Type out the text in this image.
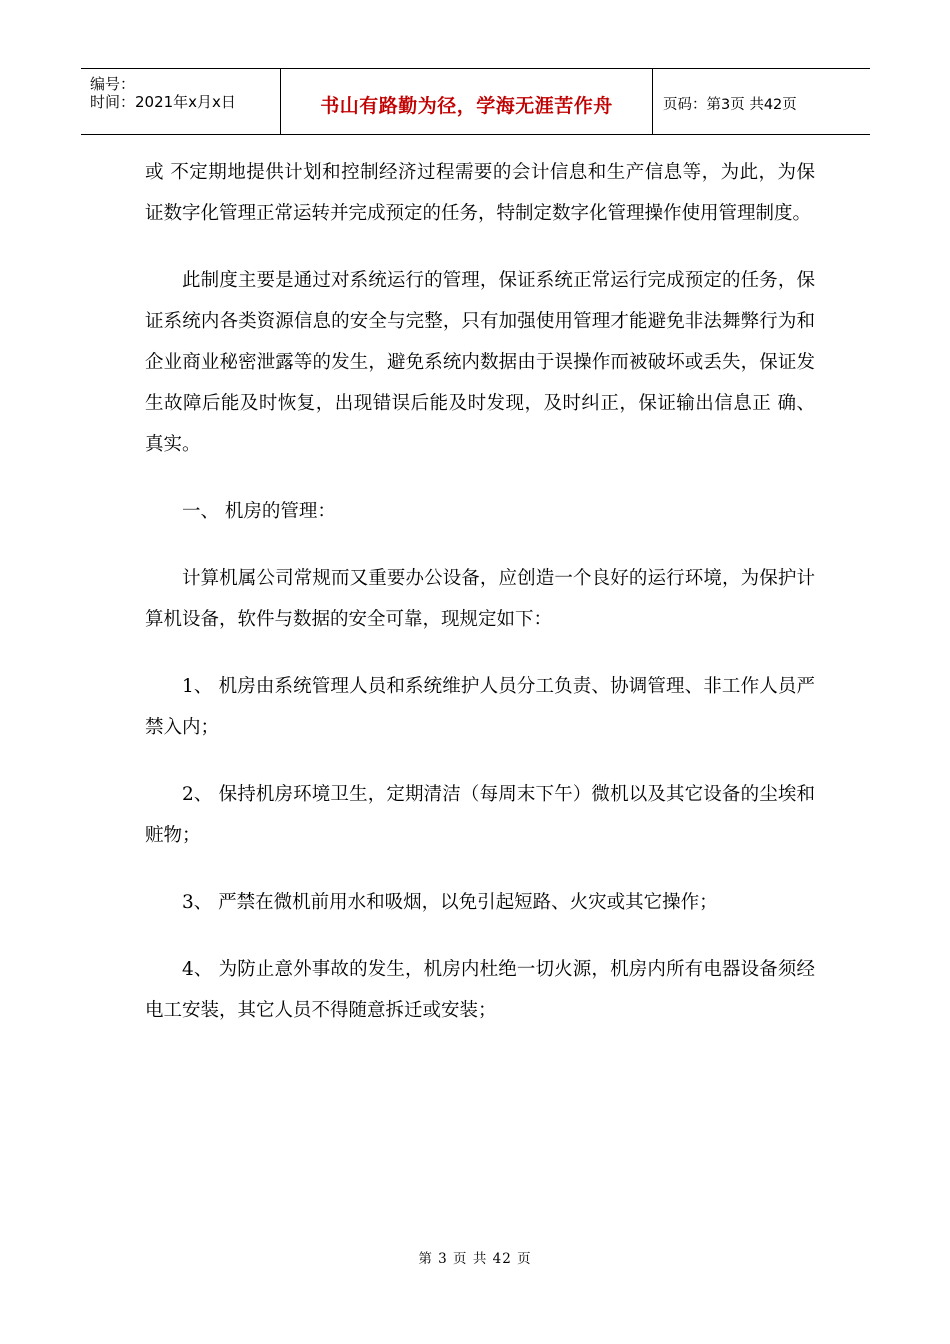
编号：
时间：2021年x月x日	书山有路勤为径，学海无涯苦作舟	页码：第3页 共42页

或 不定期地提供计划和控制经济过程需要的会计信息和生产信息等，为此，为保证数字化管理正常运转并完成预定的任务，特制定数字化管理操作使用管理制度。

此制度主要是通过对系统运行的管理，保证系统正常运行完成预定的任务，保证系统内各类资源信息的安全与完整，只有加强使用管理才能避免非法舞弊行为和企业商业秘密泄露等的发生，避免系统内数据由于误操作而被破坏或丢失，保证发生故障后能及时恢复，出现错误后能及时发现，及时纠正，保证输出信息正 确、真实。

一、 机房的管理：

计算机属公司常规而又重要办公设备，应创造一个良好的运行环境，为保护计算机设备，软件与数据的安全可靠，现规定如下：

1、 机房由系统管理人员和系统维护人员分工负责、协调管理、非工作人员严禁入内；

2、 保持机房环境卫生，定期清洁（每周末下午）微机以及其它设备的尘埃和赃物；

3、 严禁在微机前用水和吸烟，以免引起短路、火灾或其它操作；

4、 为防止意外事故的发生，机房内杜绝一切火源，机房内所有电器设备须经电工安装，其它人员不得随意拆迁或安装；

第 3 页 共 42 页
